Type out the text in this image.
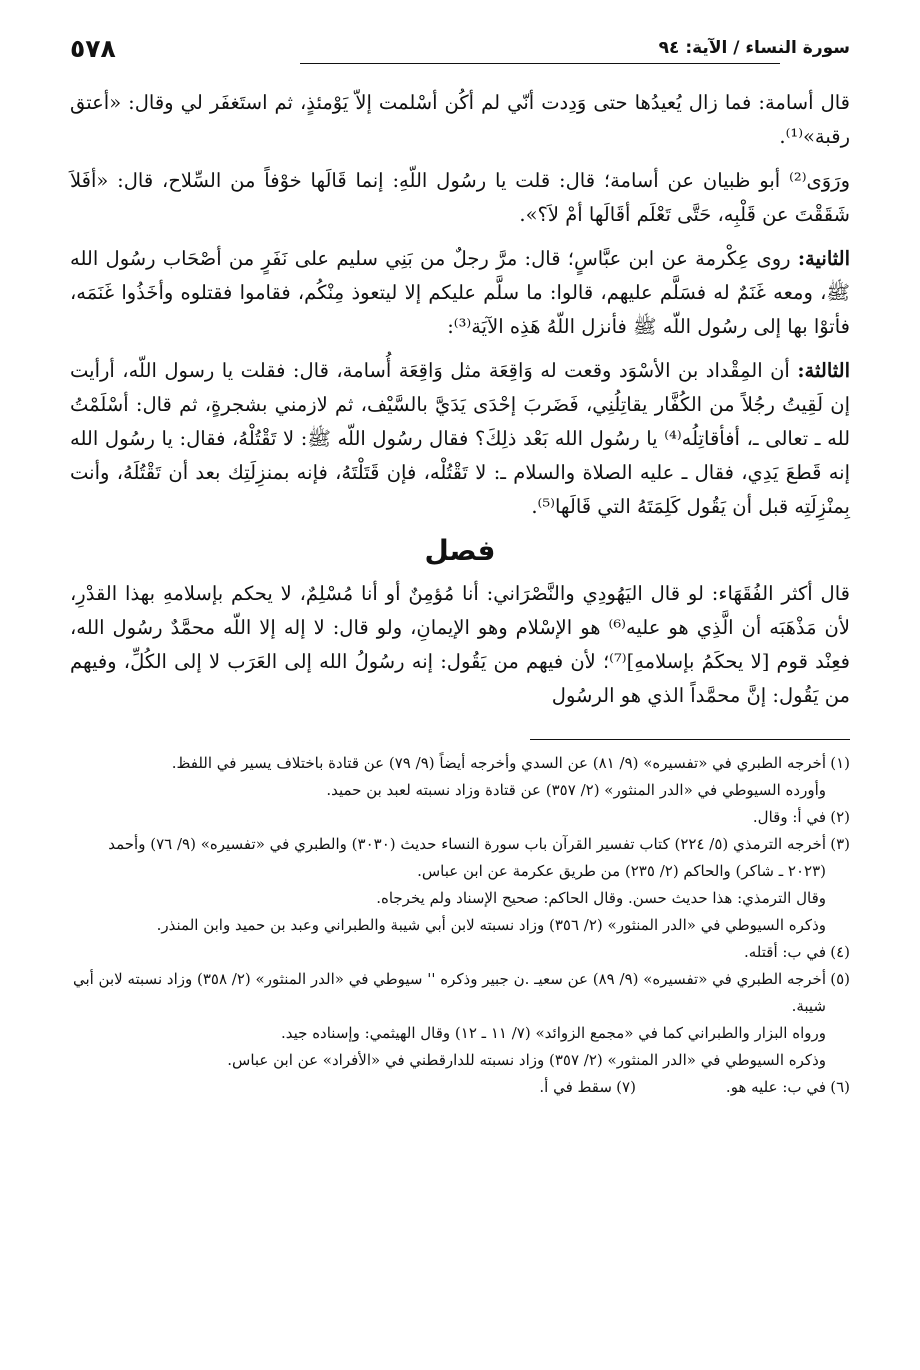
سورة النساء / الآية: ٩٤
٥٧٨

قال أسامة: فما زال يُعيدُها حتى وَدِدت أنّي لم أكُن أسْلمت إلاّ يَوْمئذٍ، ثم استَغفَر لي وقال: «أعتق رقبة»⁽¹⁾.

ورَوَى⁽²⁾ أبو ظبيان عن أسامة؛ قال: قلت يا رسُول اللّهِ: إنما قَالَها خوْفاً من السِّلاح، قال: «أفَلاَ شَقَقْتَ عن قَلْبِه، حَتَّى تَعْلَم أقَالَها أمْ لاَ؟».

الثانية: روى عِكْرمة عن ابن عبَّاسٍ؛ قال: مرَّ رجلٌ من بَنِي سليم على نَفَرٍ من أصْحَاب رسُول الله ﷺ، ومعه غَنَمٌ له فسَلَّم عليهم، قالوا: ما سلَّم عليكم إلا ليتعوذ مِنْكُم، فقاموا فقتلوه وأخَذُوا غَنَمَه، فأتوْا بها إلى رسُول اللّه ﷺ فأنزل اللّهُ هَذِه الآيَة⁽³⁾:

الثالثة: أن المِقْداد بن الأسْوَد وقعت له وَاقِعَة مثل وَاقِعَة أُسامة، قال: فقلت يا رسول اللّه، أرأيت إن لَقِيتُ رجُلاً من الكُفَّار يقاتِلُنِي، فَضَربَ إحْدَى يَدَيَّ بالسَّيْف، ثم لازمني بشجرةٍ، ثم قال: أسْلَمْتُ لله ـ تعالى ـ، أفأقاتِلُه⁽⁴⁾ يا رسُول الله بَعْد ذلِكَ؟ فقال رسُول اللّه ﷺ: لا تَقْتُلْهُ، فقال: يا رسُول الله إنه قَطعَ يَدِي، فقال ـ عليه الصلاة والسلام ـ: لا تَقْتُلْه، فإن قَتَلْتَهُ، فإنه بمنزِلَتِك بعد أن تَقْتُلَهُ، وأنت بِمنْزِلَتِه قبل أن يَقُول كَلِمَتَهُ التي قَالَها⁽⁵⁾.

فصل

قال أكثر الفُقَهَاء: لو قال اليَهُودِي والنَّصْرَاني: أنا مُؤمِنٌ أو أنا مُسْلِمٌ، لا يحكم بإسلامهِ بهذا القدْرِ، لأن مَذْهَبَه أن الَّذِي هو عليه⁽⁶⁾ هو الإسْلام وهو الإيمانِ، ولو قال: لا إله إلا اللّه محمَّدٌ رسُول الله، فعِنْد قوم [لا يحكَمُ بإسلامهِ]⁽⁷⁾؛ لأن فيهم من يَقُول: إنه رسُولُ الله إلى العَرَب لا إلى الكُلِّ، وفيهم من يَقُول: إنَّ محمَّداً الذي هو الرسُول

(١)
أخرجه الطبري في «تفسيره» (٩/ ٨١) عن السدي وأخرجه أيضاً (٩/ ٧٩) عن قتادة باختلاف يسير في اللفظ.
وأورده السيوطي في «الدر المنثور» (٢/ ٣٥٧) عن قتادة وزاد نسبته لعبد بن حميد.
(٢)
في أ: وقال.
(٣)
أخرجه الترمذي (٥/ ٢٢٤) كتاب تفسير القرآن باب سورة النساء حديث (٣٠٣٠) والطبري في «تفسيره» (٩/ ٧٦) وأحمد (٢٠٢٣ ـ شاكر) والحاكم (٢/ ٢٣٥) من طريق عكرمة عن ابن عباس.
وقال الترمذي: هذا حديث حسن. وقال الحاكم: صحيح الإسناد ولم يخرجاه.
وذكره السيوطي في «الدر المنثور» (٢/ ٣٥٦) وزاد نسبته لابن أبي شيبة والطبراني وعبد بن حميد وابن المنذر.
(٤)
في ب: أقتله.
(٥)
أخرجه الطبري في «تفسيره» (٩/ ٨٩) عن سعيـ .ن جبير وذكره '' سيوطي في «الدر المنثور» (٢/ ٣٥٨) وزاد نسبته لابن أبي شيبة.
ورواه البزار والطبراني كما في «مجمع الزوائد» (٧/ ١١ ـ ١٢) وقال الهيثمي: وإسناده جيد.
وذكره السيوطي في «الدر المنثور» (٢/ ٣٥٧) وزاد نسبته للدارقطني في «الأفراد» عن ابن عباس.
(٦)
في ب: عليه هو.
(٧)
سقط في أ.
